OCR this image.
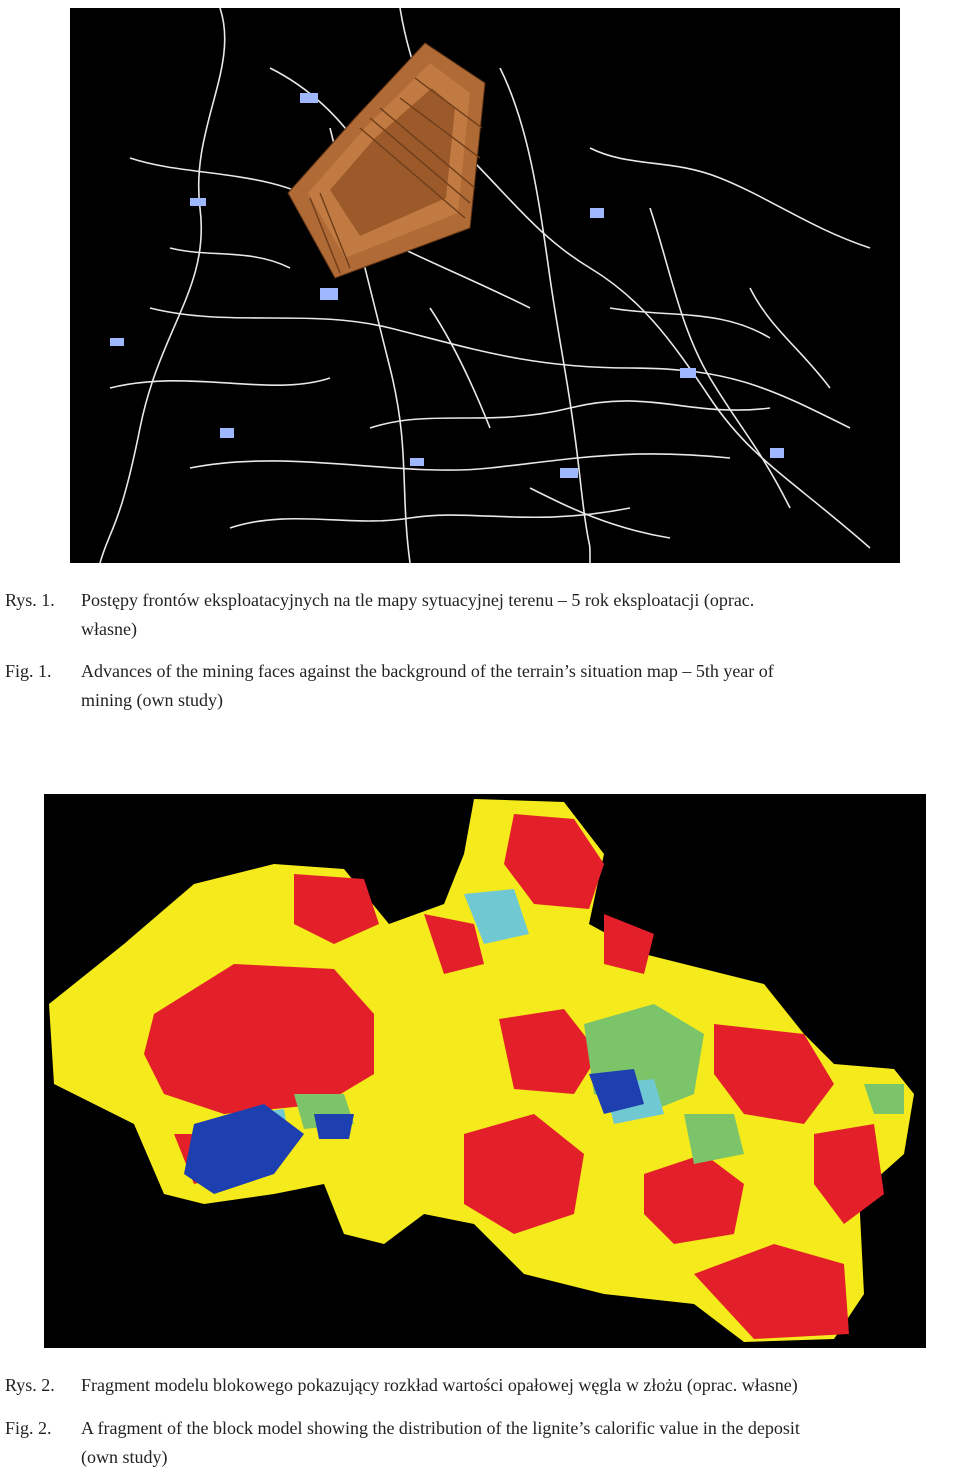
Rys. 1. Postępy frontów eksploatacyjnych na tle mapy sytuacyjnej terenu – 5 rok eksploatacji (oprac.
własne)
Fig. 1. Advances of the mining faces against the background of the terrain’s situation map – 5th year of
mining (own study)
Rys. 2. Fragment modelu blokowego pokazujący rozkład wartości opałowej węgla w złożu (oprac. własne)
Fig. 2. A fragment of the block model showing the distribution of the lignite’s calorific value in the deposit
(own study)
